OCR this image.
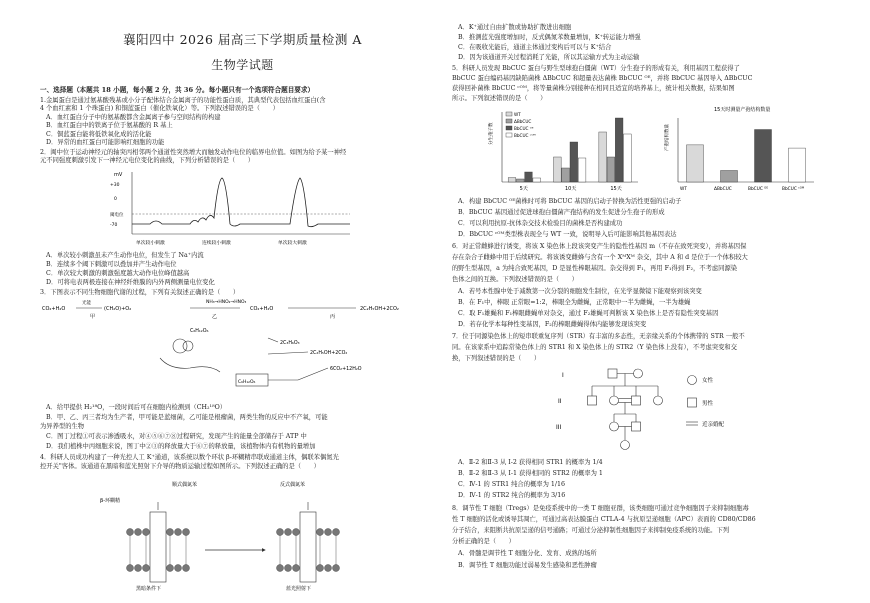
襄阳四中 2026 届高三下学期质量检测 A
生物学试题
一、选择题（本题共 18 小题，每小题 2 分，共 36 分。每小题只有一个选项符合题目要求）
1.金属蛋白是通过氨基酸残基或小分子配体结合金属离子的功能性蛋白质，其典型代表包括血红蛋白(含
4 个血红素和 1 个珠蛋白) 和铜蓝蛋白（催化铁氧化）等。下列叙述错误的是（　　）
A．血红蛋白分子中的氨基酸都含金属离子参与空间结构的构建
B．血红蛋白中的铁离子位于氨基酸的 R 基上
C．铜蓝蛋白能将低铁氧化成的活化能
D．异常的血红蛋白可能影响红细胞的功能
2．闽中位于运动神经元的轴突丙相邻两个通道性突然增大而触发动作电位的临界电位值。如图为给予某一神经
元不同强度刺激引发下一神经元电位变化的曲线，下列分析错误的是（　　）
mV
+30
0
阈电位
-70
单次较小刺激	连续较小刺激	单次较大刺激
A．单次较小刺激虽未产生动作电位，但发生了 Na⁺内流
B．连续多个阈下刺激可以叠加并产生动作电位
C．单次较大刺激的刺激强度越大动作电位峰值越高
D．可将电表两极连接在神经纤维膜的内外两侧测量电位变化
3．下图表示不同生物细胞代谢的过程，下列有关叙述正确的是（　　）
CO₂+H₂O
光能
(CH₂O)+O₂
甲
NH₃→HNO₂→HNO₃
乙
CO₂+H₂O	2C₂H₅OH+2CO₂
丙
C₆H₁₂O₆
2C₃H₆O₃
2C₂H₅OH+2CO₂
6CO₂+12H₂O
C₆H₁₂O₆
A．给甲提供 H₂¹⁸O，一段时间后可在细胞内检测到（CH₂¹⁸O）
B．甲、乙、丙三者均为生产者，甲可能是蓝细菌，乙可能是根瘤菌，两类生物的反应中不产氧，可能
为异养型的生物
C．图丁过程①可表示渗透吸水，对④⑤⑥⑦⑧过程研究，发现产生的能量全部储存于 ATP 中
D．我们植株中丙细胞来说，图丁中②③的释放量大于⑥⑦的释放量，该植物体内有机物的量增加
4．科研人员成功构建了一种光控人工 K⁺通道，该系统以数个环状 β-环糊精串联成通道主体，偶联苯偶氮光
控开关"客体。该通道在黑暗和蓝光照射下介导的物质运输过程如图所示。下列叙述正确的是（　　）
β-环糊精
顺式偶氮苯	反式偶氮苯
黑暗条件下	蓝光照射下
A．K⁺通过自由扩散或协助扩散进出细胞
B．推测蓝光强度增加时，反式偶氮苯数量增加，K⁺转运能力增强
C．在吸收光能后，通道主体通过变构后可以与 K⁺结合
D．因为该通道开关过程消耗了光能，所以其运输方式为主动运输
5．科研人员发现 BbCUC 蛋白与野生型球孢白僵菌（WT）分生孢子的形成有关，利用基因工程获得了
BbCUC 蛋白编码基因缺陷菌株 ΔBbCUC 和超量表达菌株 BbCUC ᴼᴱ，并将 BbCUC 基因导入 ΔBbCUC
获得回补菌株 BbCUC ᶜᴼᴹ，将等量菌株分别接种在相同且适宜的培养基上，统计相关数据，结果如图
所示。下列叙述错误的是（　　）
分生孢子数
5天	10天	15天
WT
ΔBbCUC
BbCUC ᴼᴱ
BbCUC ᶜᴼᴹ
15天时测量产孢结构数量
产孢结构数量
WT	ΔBbCUC	BbCUC ᴼᴱ	BbCUC ᶜᴼᴹ
A．构建 BbCUC ᴼᴱ菌株时可将 BbCUC 基因的启动子替换为活性更强的启动子
B．BbCUC 基因通过促进球孢白僵菌产孢结构的发生促进分生孢子的形成
C．可以利用抗原-抗体杂交技术检验目的菌株是否构建成功
D．BbCUC ᶜᴼᴹ类型株表现全与 WT 一致，说明导入后可能影响其他基因表达
6．对正常雌蜂进行诱变，将该 X 染色体上段该突变产生的隐性性基因 m（不存在致死突变），并将基因保
存在杂合子雌蜂中用于后续研究。将该诱变雌蜂与含有一个 XᴹXᴹ 杂交，其中 A 和 d 是位于一个体积较大
的野生型基因，a 为纯合致死基因，D 是显性棒眼基因。杂交得到 F₁，再用 F₁得到 F₂，不考虑同源染
色体之间的互换。下列叙述错误的是（　　）
A．若号本性腺中处于减数第一次分裂的细胞发生制位，在光学显微镜下能观察到该突变
B．在 F₁中，棒眼 正常眼=1:2，棒眼全为雌蝇，正常眼中一半为雌蝇，一半为雄蝇
C．取 F₁雄蝇和 F₁棒眼雌蝇单对杂交，通过 F₂雄蝇可判断该 X 染色体上是否有隐性突变基因
D．若存化学本每种性变基因，F₂的棒眼雌蝇得体内能够发现该突变
7．位于同源染色体上的短串联重复序列（STR）有丰富的多态性，无亲缘关系的个体携带的 STR 一般不
同。在该家系中追踪常染色体上的 STR1 和 X 染色体上的 STR2（Y 染色体上没有），不考虑突变和交
换，下列叙述错误的是（　　）
I
II
III
女性
男性
近亲婚配
A．Ⅱ-2 和Ⅱ-3 从 I-2 获得相同 STR1 的概率为 1/4
B．Ⅱ-2 和Ⅱ-3 从 I-1 获得相同的 STR2 的概率为 1
C．Ⅳ-1 的 STR1 纯合的概率为 1/16
D．Ⅳ-1 的 STR2 纯合的概率为 3/16
8．调节性 T 细胞（Tregs）是免疫系统中的一类 T 细胞亚群，该类细胞可通过竞争细胞因子来抑制细胞毒
性 T 细胞的活化或诱导其凋亡，可通过高表达膜蛋白 CTLA-4 与抗原呈递细胞（APC）表面的 CD80/CD86
分子结合，来阻断共抗原呈递的信号通路；可通过分泌抑制性细胞因子来抑制免疫系统的功能。下列
分析正确的是（　　）
A．骨髓是调节性 T 细胞分化、发育、成熟的场所
B．调节性 T 细胞功能过弱易发生感染和恶性肿瘤
